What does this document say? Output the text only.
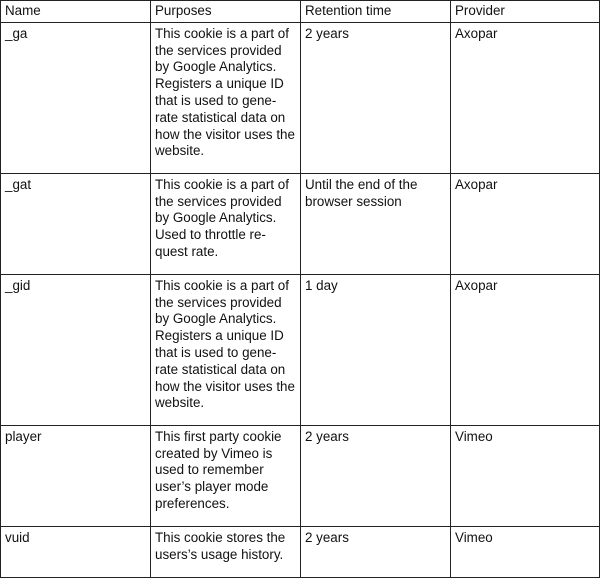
Name	Purposes	Retention time	Provider
_ga	This cookie is a part of the services provided by Google Analytics. Registers a unique ID that is used to gene-rate statistical data on how the visitor uses the website.	2 years	Axopar
_gat	This cookie is a part of the services provided by Google Analytics. Used to throttle re-quest rate.	Until the end of the browser session	Axopar
_gid	This cookie is a part of the services provided by Google Analytics. Registers a unique ID that is used to gene-rate statistical data on how the visitor uses the website.	1 day	Axopar
player	This first party cookie created by Vimeo is used to remember user’s player mode preferences.	2 years	Vimeo
vuid	This cookie stores the users’s usage history.	2 years	Vimeo
